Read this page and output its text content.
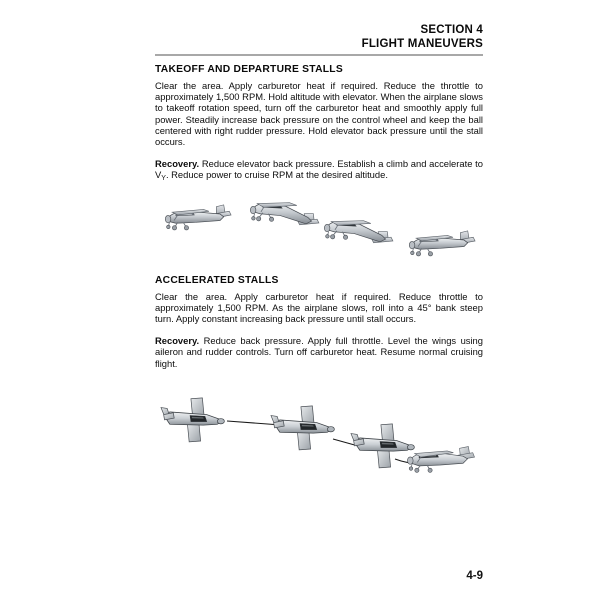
SECTION 4
FLIGHT MANEUVERS
TAKEOFF AND DEPARTURE STALLS

Clear the area. Apply carburetor heat if required. Reduce the throttle to approximately 1,500 RPM. Hold altitude with elevator. When the airplane slows to takeoff rotation speed, turn off the carburetor heat and smoothly apply full power. Steadily increase back pressure on the control wheel and keep the ball centered with right rudder pressure. Hold elevator back pressure until the stall occurs.

Recovery. Reduce elevator back pressure. Establish a climb and accelerate to $V_Y$. Reduce power to cruise RPM at the desired altitude.

ACCELERATED STALLS

Clear the area. Apply carburetor heat if required. Reduce throttle to approximately 1,500 RPM. As the airplane slows, roll into a 45° bank steep turn. Apply constant increasing back pressure until stall occurs.

Recovery. Reduce back pressure. Apply full throttle. Level the wings using aileron and rudder controls. Turn off carburetor heat. Resume normal cruising flight.

4-9
